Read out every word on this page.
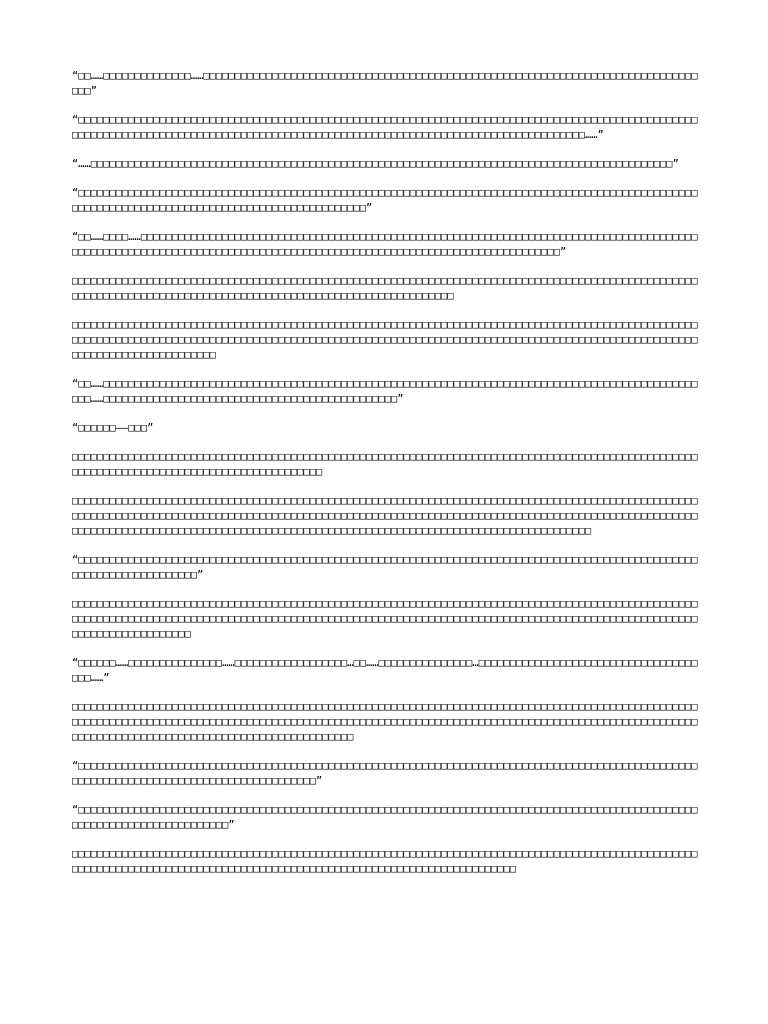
“□□……□□□□□□□□□□□□□□……□□□□□□□□□□□□□□□□□□□□□□□□□□□□□□□□□□□□□□□□□□□□□□□□□□□□□□□□□□□□□□□□□□□□□□□□□□□□□□□□□□”

“□□□□□□□□□□□□□□□□□□□□□□□□□□□□□□□□□□□□□□□□□□□□□□□□□□□□□□□□□□□□□□□□□□□□□□□□□□□□□□□□□□□□□□□□□□□□□□□□□□□□□□□□□□□□□□□□□□□□□□□□□□□□□□□□□□□□□□□□□□□□□□□□□□□□□□□□□□□□□□□□□□□□□□□□□□□□□□□□□□□□□……”

“……□□□□□□□□□□□□□□□□□□□□□□□□□□□□□□□□□□□□□□□□□□□□□□□□□□□□□□□□□□□□□□□□□□□□□□□□□□□□□□□□□□□□□□□□□□□□□”

“□□□□□□□□□□□□□□□□□□□□□□□□□□□□□□□□□□□□□□□□□□□□□□□□□□□□□□□□□□□□□□□□□□□□□□□□□□□□□□□□□□□□□□□□□□□□□□□□□□□□□□□□□□□□□□□□□□□□□□□□□□□□□□□□□□□□□□□□□□□□□□□□□□”

“□□……□□□□……□□□□□□□□□□□□□□□□□□□□□□□□□□□□□□□□□□□□□□□□□□□□□□□□□□□□□□□□□□□□□□□□□□□□□□□□□□□□□□□□□□□□□□□□□□□□□□□□□□□□□□□□□□□□□□□□□□□□□□□□□□□□□□□□□□□□□□□□□□□□□□□□□□□□□□□□□□□□□□□□□□□□□□□”

□□□□□□□□□□□□□□□□□□□□□□□□□□□□□□□□□□□□□□□□□□□□□□□□□□□□□□□□□□□□□□□□□□□□□□□□□□□□□□□□□□□□□□□□□□□□□□□□□□□□□□□□□□□□□□□□□□□□□□□□□□□□□□□□□□□□□□□□□□□□□□□□□□□□□□□□□□□□□□□□□

□□□□□□□□□□□□□□□□□□□□□□□□□□□□□□□□□□□□□□□□□□□□□□□□□□□□□□□□□□□□□□□□□□□□□□□□□□□□□□□□□□□□□□□□□□□□□□□□□□□□□□□□□□□□□□□□□□□□□□□□□□□□□□□□□□□□□□□□□□□□□□□□□□□□□□□□□□□□□□□□□□□□□□□□□□□□□□□□□□□□□□□□□□□□□□□□□□□□□□□□□□□□□□□□□□□□□□□□□□□□□□□

“□□……□□□□□□□□□□□□□□□□□□□□□□□□□□□□□□□□□□□□□□□□□□□□□□□□□□□□□□□□□□□□□□□□□□□□□□□□□□□□□□□□□□□□□□□□□□□□□□□□□□……□□□□□□□□□□□□□□□□□□□□□□□□□□□□□□□□□□□□□□□□□□□□□□□”

“□□□□□□——□□□”

□□□□□□□□□□□□□□□□□□□□□□□□□□□□□□□□□□□□□□□□□□□□□□□□□□□□□□□□□□□□□□□□□□□□□□□□□□□□□□□□□□□□□□□□□□□□□□□□□□□□□□□□□□□□□□□□□□□□□□□□□□□□□□□□□□□□□□□□□□□□

□□□□□□□□□□□□□□□□□□□□□□□□□□□□□□□□□□□□□□□□□□□□□□□□□□□□□□□□□□□□□□□□□□□□□□□□□□□□□□□□□□□□□□□□□□□□□□□□□□□□□□□□□□□□□□□□□□□□□□□□□□□□□□□□□□□□□□□□□□□□□□□□□□□□□□□□□□□□□□□□□□□□□□□□□□□□□□□□□□□□□□□□□□□□□□□□□□□□□□□□□□□□□□□□□□□□□□□□□□□□□□□□□□□□□□□□□□□□□□□□□□□□□□□□□□□□□□□□□□□□□□□□□□□□□□□□□□□□□□□□□□□

“□□□□□□□□□□□□□□□□□□□□□□□□□□□□□□□□□□□□□□□□□□□□□□□□□□□□□□□□□□□□□□□□□□□□□□□□□□□□□□□□□□□□□□□□□□□□□□□□□□□□□□□□□□□□□□□□□□□□□□□”

□□□□□□□□□□□□□□□□□□□□□□□□□□□□□□□□□□□□□□□□□□□□□□□□□□□□□□□□□□□□□□□□□□□□□□□□□□□□□□□□□□□□□□□□□□□□□□□□□□□□□□□□□□□□□□□□□□□□□□□□□□□□□□□□□□□□□□□□□□□□□□□□□□□□□□□□□□□□□□□□□□□□□□□□□□□□□□□□□□□□□□□□□□□□□□□□□□□□□□□□□□□□□□□□□□□□□□□□□□□

“□□□□□□……□□□□□□□□□□□□□□□……□□□□□□□□□□□□□□□□□□…□□……□□□□□□□□□□□□□□□…□□□□□□□□□□□□□□□□□□□□□□□□□□□□□□□□□□□□□□……”

□□□□□□□□□□□□□□□□□□□□□□□□□□□□□□□□□□□□□□□□□□□□□□□□□□□□□□□□□□□□□□□□□□□□□□□□□□□□□□□□□□□□□□□□□□□□□□□□□□□□□□□□□□□□□□□□□□□□□□□□□□□□□□□□□□□□□□□□□□□□□□□□□□□□□□□□□□□□□□□□□□□□□□□□□□□□□□□□□□□□□□□□□□□□□□□□□□□□□□□□□□□□□□□□□□□□□□□□□□□□□□□□□□□□□□□□□□□□□□□□□□□□□

“□□□□□□□□□□□□□□□□□□□□□□□□□□□□□□□□□□□□□□□□□□□□□□□□□□□□□□□□□□□□□□□□□□□□□□□□□□□□□□□□□□□□□□□□□□□□□□□□□□□□□□□□□□□□□□□□□□□□□□□□□□□□□□□□□□□□□□□□□□”

“□□□□□□□□□□□□□□□□□□□□□□□□□□□□□□□□□□□□□□□□□□□□□□□□□□□□□□□□□□□□□□□□□□□□□□□□□□□□□□□□□□□□□□□□□□□□□□□□□□□□□□□□□□□□□□□□□□□□□□□□□□□□”

□□□□□□□□□□□□□□□□□□□□□□□□□□□□□□□□□□□□□□□□□□□□□□□□□□□□□□□□□□□□□□□□□□□□□□□□□□□□□□□□□□□□□□□□□□□□□□□□□□□□□□□□□□□□□□□□□□□□□□□□□□□□□□□□□□□□□□□□□□□□□□□□□□□□□□□□□□□□□□□□□□□□□□□□□□□
